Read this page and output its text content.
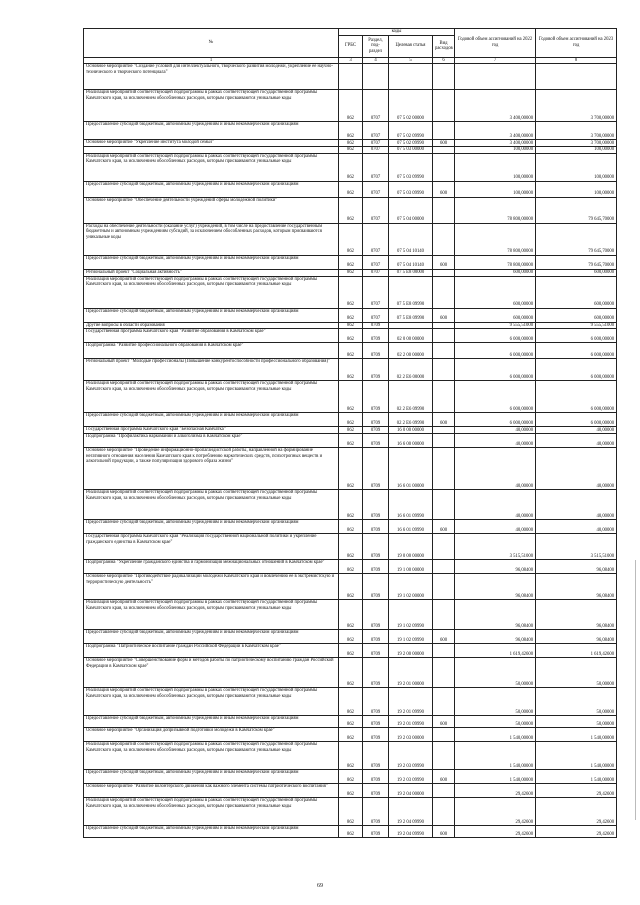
№	коды				Годовой объем ассигнований на 2022 год	Годовой объем ассигнований на 2023 год
	ГРБС	Раздел, под-раздел	Целевая статья	Вид расходов		
1	3	4	5	6	7	8
Основное мероприятие "Создание условий для интеллектуального, творческого развития молодежи, укрепление ее научно-технического и творческого потенциала"						
Реализация мероприятий соответствующей подпрограммы в рамках соответствующей государственной программы Камчатского края, за исключением обособленных расходов, которым присваиваются уникальные коды	862	0707	07 5 02 00000		3 400,00000	3 700,00000
Предоставление субсидий бюджетным, автономным учреждениям и иным некоммерческим организациям	862	0707	07 5 02 09990		3 400,00000	3 700,00000
Основное мероприятие "Укрепление института молодой семьи"	862	0707	07 5 02 09990	600	3 400,00000	3 700,00000
	862	0707	07 5 03 00000		100,00000	100,00000
Реализация мероприятий соответствующей подпрограммы в рамках соответствующей государственной программы Камчатского края, за исключением обособленных расходов, которым присваиваются уникальные коды	862	0707	07 5 03 09990		100,00000	100,00000
Предоставление субсидий бюджетным, автономным учреждениям и иным некоммерческим организациям	862	0707	07 5 03 09990	600	100,00000	100,00000
Основное мероприятие "Обеспечение деятельности учреждений сферы молодежной политики"	862	0707	07 5 04 00000		78 800,00000	79 645,70000
Расходы на обеспечение деятельности (оказание услуг) учреждений, в том числе на предоставление государственным бюджетным и автономным учреждениям субсидий, за исключением обособленных расходов, которым присваиваются уникальные коды	862	0707	07 5 04 10140		78 800,00000	79 645,70000
Предоставление субсидий бюджетным, автономным учреждениям и иным некоммерческим организациям	862	0707	07 5 04 10140	600	78 800,00000	79 645,70000
Региональный проект "Социальная активность"	862	0707	07 5 Е8 00000		600,00000	600,00000
Реализация мероприятий соответствующей подпрограммы в рамках соответствующей государственной программы Камчатского края, за исключением обособленных расходов, которым присваиваются уникальные коды	862	0707	07 5 Е8 09990		600,00000	600,00000
Предоставление субсидий бюджетным, автономным учреждениям и иным некоммерческим организациям	862	0707	07 5 Е8 09990	600	600,00000	600,00000
Другие вопросы в области образования	862	0709			9 555,51000	9 555,51000
Государственная программа Камчатского края "Развитие образования в Камчатском крае"	862	0709	02 0 00 00000		6 000,00000	6 000,00000
Подпрограмма "Развитие профессионального образования в Камчатском крае"	862	0709	02 2 00 00000		6 000,00000	6 000,00000
Региональный проект "Молодые профессионалы (Повышение конкурентоспособности профессионального образования)"	862	0709	02 2 Е6 00000		6 000,00000	6 000,00000
Реализация мероприятий соответствующей подпрограммы в рамках соответствующей государственной программы Камчатского края, за исключением обособленных расходов, которым присваиваются уникальные коды	862	0709	02 2 Е6 09990		6 000,00000	6 000,00000
Предоставление субсидий бюджетным, автономным учреждениям и иным некоммерческим организациям	862	0709	02 2 Е6 09990	600	6 000,00000	6 000,00000
Государственная программа Камчатского края "Безопасная Камчатка"	862	0709	16 0 00 00000		40,00000	40,00000
Подпрограмма "Профилактика наркомании и алкоголизма в Камчатском крае"	862	0709	16 6 00 00000		40,00000	40,00000
Основное мероприятие "Проведение информационно-пропагандистской работы, направленной на формирование негативного отношения населения Камчатского края к потреблению наркотических средств, психотропных веществ и алкогольной продукции, а также популяризация здорового образа жизни"	862	0709	16 6 01 00000		40,00000	40,00000
Реализация мероприятий соответствующей подпрограммы в рамках соответствующей государственной программы Камчатского края, за исключением обособленных расходов, которым присваиваются уникальные коды	862	0709	16 6 01 09990		40,00000	40,00000
Предоставление субсидий бюджетным, автономным учреждениям и иным некоммерческим организациям	862	0709	16 6 01 09990	600	40,00000	40,00000
Государственная программа Камчатского края "Реализация государственной национальной политики и укрепление гражданского единства в Камчатском крае"	862	0709	19 0 00 00000		3 515,51000	3 515,51000
Подпрограмма "Укрепление гражданского единства и гармонизация межнациональных отношений в Камчатском крае"	862	0709	19 1 00 00000		96,08400	96,08400
Основное мероприятие "Противодействие радикализации молодежи Камчатского края и вовлечению ее в экстремистскую и террористическую деятельность"	862	0709	19 1 02 00000		96,08400	96,08400
Реализация мероприятий соответствующей подпрограммы в рамках соответствующей государственной программы Камчатского края, за исключением обособленных расходов, которым присваиваются уникальные коды	862	0709	19 1 02 09990		96,08400	96,08400
Предоставление субсидий бюджетным, автономным учреждениям и иным некоммерческим организациям	862	0709	19 1 02 09990	600	96,08400	96,08400
Подпрограмма "Патриотическое воспитание граждан Российской Федерации в Камчатском крае"	862	0709	19 2 00 00000		1 619,42600	1 619,42600
Основное мероприятие "Совершенствование форм и методов работы по патриотическому воспитанию граждан Российской Федерации в Камчатском крае"	862	0709	19 2 01 00000		50,00000	50,00000
Реализация мероприятий соответствующей подпрограммы в рамках соответствующей государственной программы Камчатского края, за исключением обособленных расходов, которым присваиваются уникальные коды	862	0709	19 2 01 09990		50,00000	50,00000
Предоставление субсидий бюджетным, автономным учреждениям и иным некоммерческим организациям	862	0709	19 2 01 09990	600	50,00000	50,00000
Основное мероприятие "Организация допризывной подготовки молодежи в Камчатском крае"	862	0709	19 2 03 00000		1 540,00000	1 540,00000
Реализация мероприятий соответствующей подпрограммы в рамках соответствующей государственной программы Камчатского края, за исключением обособленных расходов, которым присваиваются уникальные коды	862	0709	19 2 03 09990		1 540,00000	1 540,00000
Предоставление субсидий бюджетным, автономным учреждениям и иным некоммерческим организациям	862	0709	19 2 03 09990	600	1 540,00000	1 540,00000
Основное мероприятие "Развитие волонтерского движения как важного элемента системы патриотического воспитания"	862	0709	19 2 04 00000		29,42600	29,42600
Реализация мероприятий соответствующей подпрограммы в рамках соответствующей государственной программы Камчатского края, за исключением обособленных расходов, которым присваиваются уникальные коды	862	0709	19 2 04 09990		29,42600	29,42600
Предоставление субсидий бюджетным, автономным учреждениям и иным некоммерческим организациям	862	0709	19 2 04 09990	600	29,42600	29,42600
69
